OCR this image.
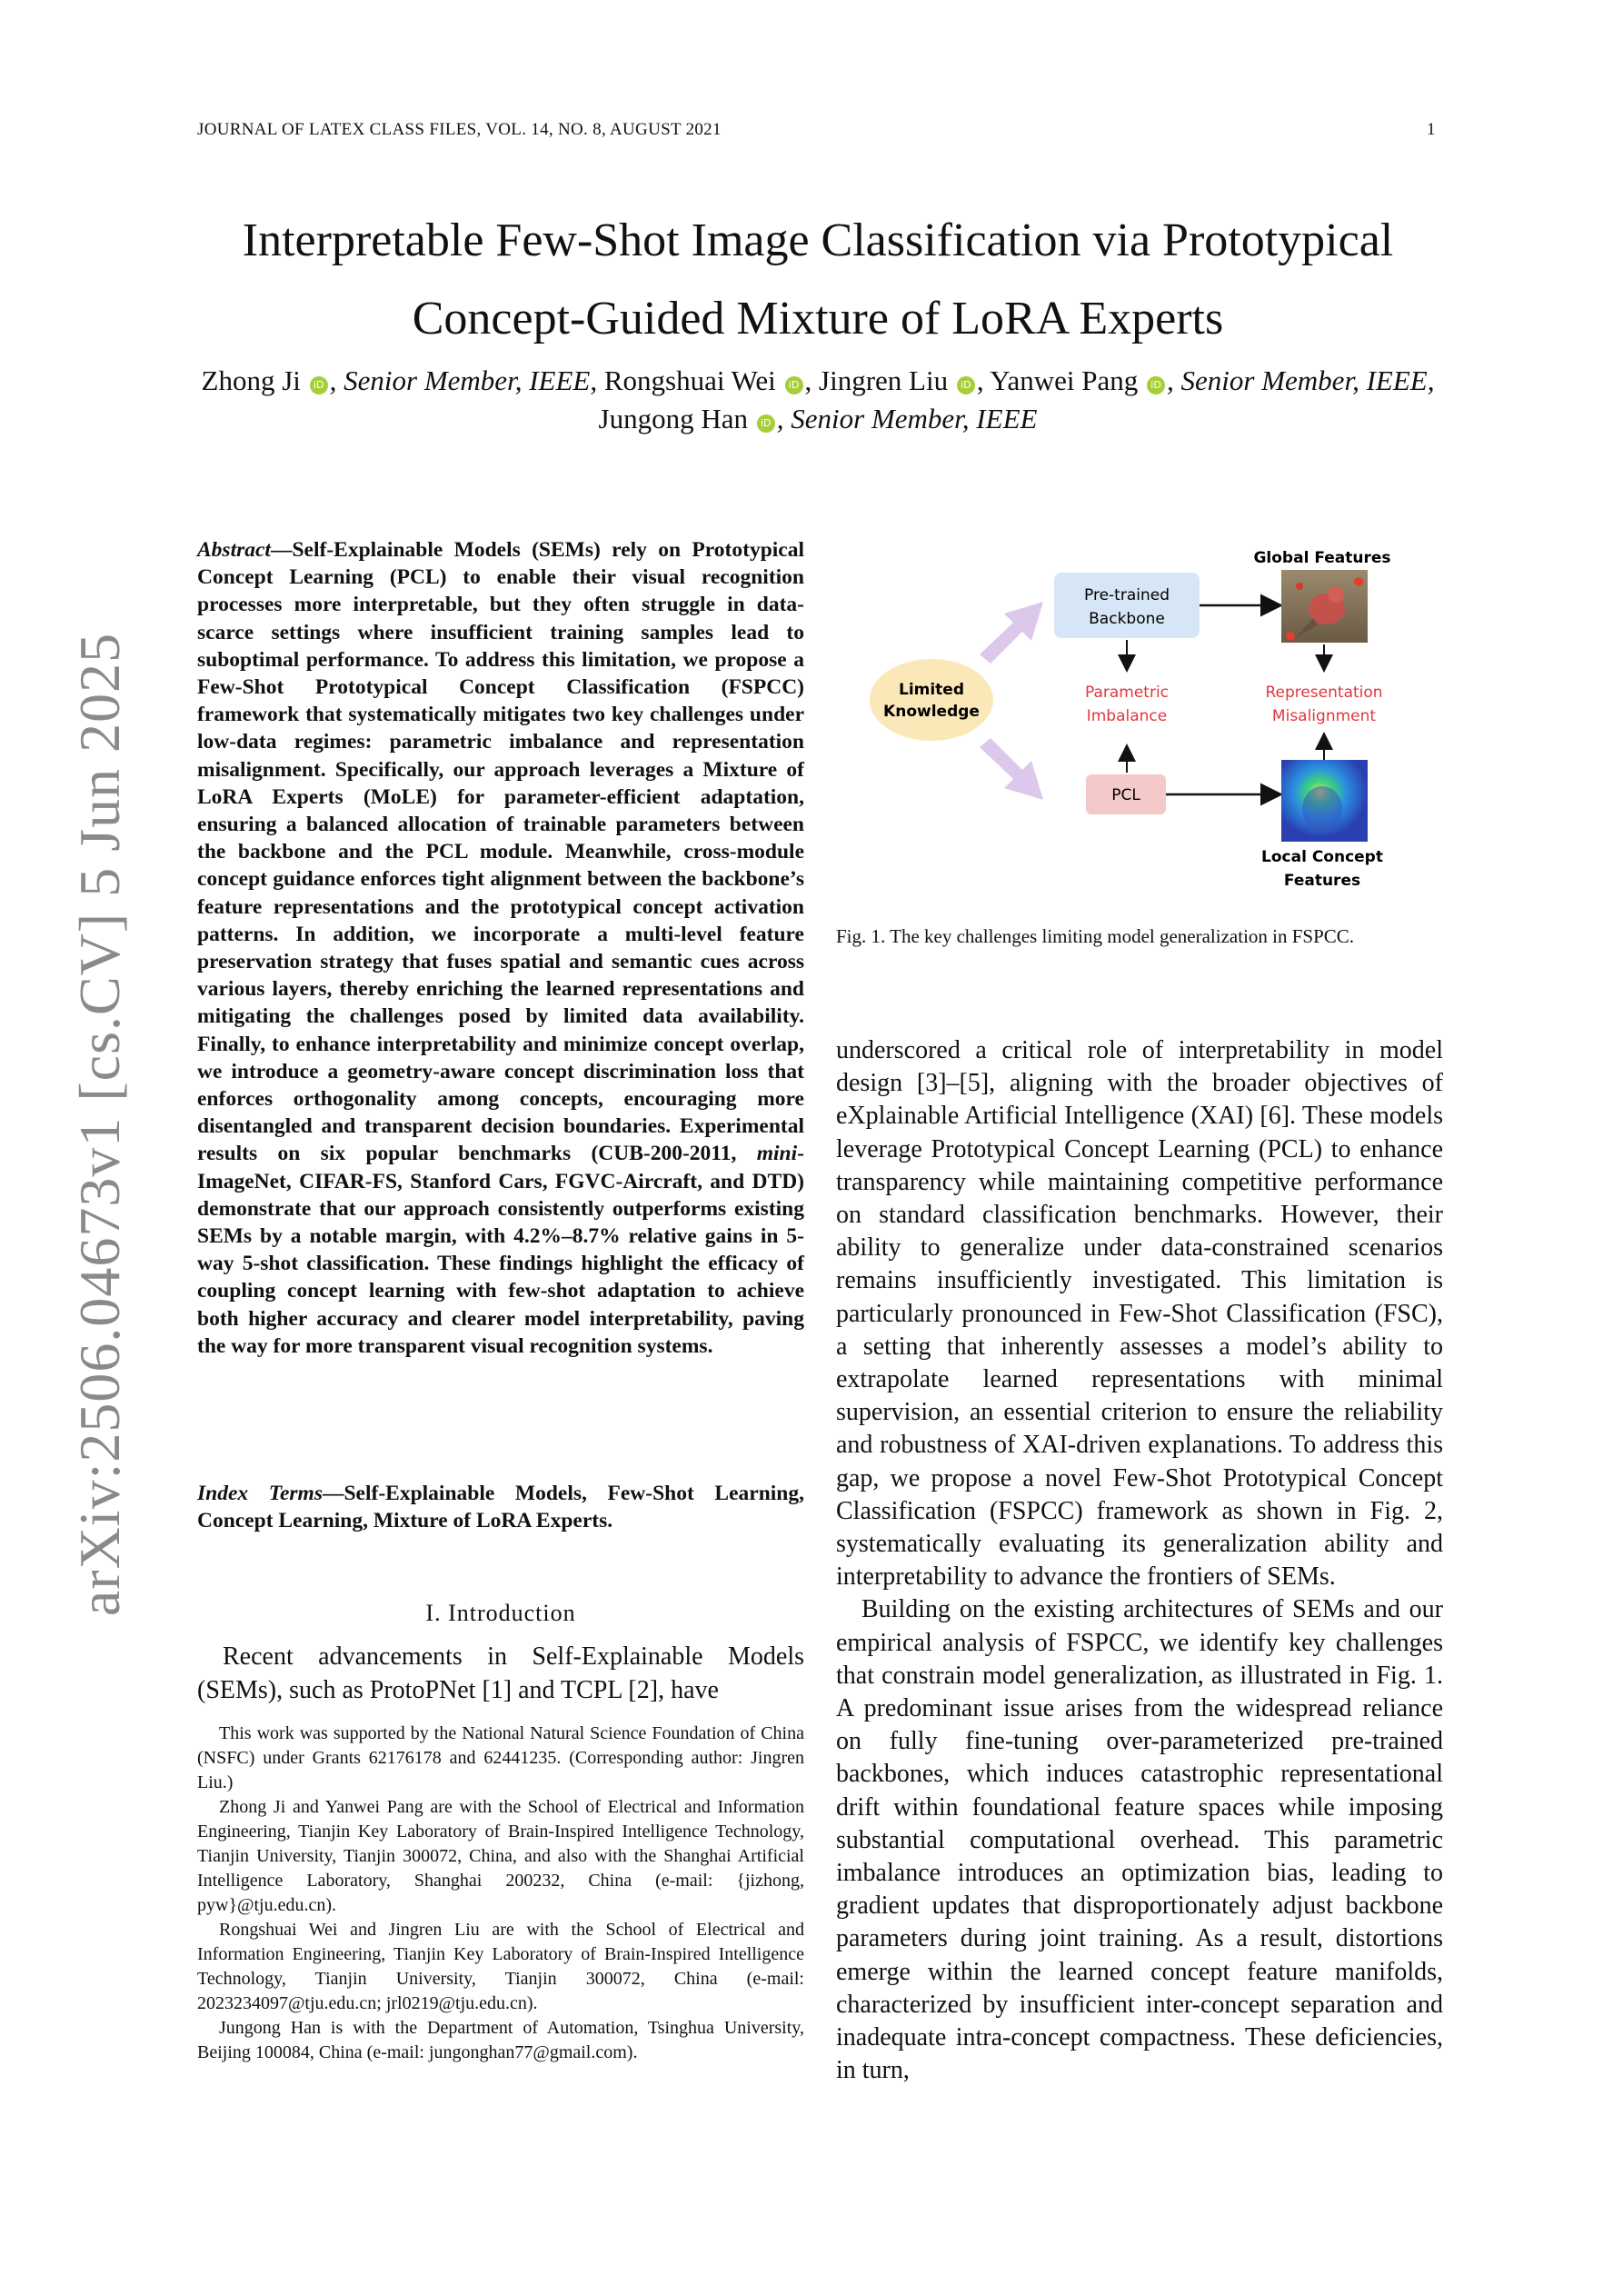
JOURNAL OF LATEX CLASS FILES, VOL. 14, NO. 8, AUGUST 2021	1
Interpretable Few-Shot Image Classification via Prototypical
Concept-Guided Mixture of LoRA Experts
Zhong Ji iD , Senior Member, IEEE, Rongshuai Wei iD , Jingren Liu iD , Yanwei Pang iD , Senior Member, IEEE, Jungong Han iD , Senior Member, IEEE
arXiv:2506.04673v1 [cs.CV] 5 Jun 2025
Abstract—Self-Explainable Models (SEMs) rely on Prototypical Concept Learning (PCL) to enable their visual recognition processes more interpretable, but they often struggle in data-scarce settings where insufficient training samples lead to suboptimal performance. To address this limitation, we propose a Few-Shot Prototypical Concept Classification (FSPCC) framework that systematically mitigates two key challenges under low-data regimes: parametric imbalance and representation misalignment. Specifically, our approach leverages a Mixture of LoRA Experts (MoLE) for parameter-efficient adaptation, ensuring a balanced allocation of trainable parameters between the backbone and the PCL module. Meanwhile, cross-module concept guidance enforces tight alignment between the backbone’s feature representations and the prototypical concept activation patterns. In addition, we incorporate a multi-level feature preservation strategy that fuses spatial and semantic cues across various layers, thereby enriching the learned representations and mitigating the challenges posed by limited data availability. Finally, to enhance interpretability and minimize concept overlap, we introduce a geometry-aware concept discrimination loss that enforces orthogonality among concepts, encouraging more disentangled and transparent decision boundaries. Experimental results on six popular benchmarks (CUB-200-2011, mini-ImageNet, CIFAR-FS, Stanford Cars, FGVC-Aircraft, and DTD) demonstrate that our approach consistently outperforms existing SEMs by a notable margin, with 4.2%–8.7% relative gains in 5-way 5-shot classification. These findings highlight the efficacy of coupling concept learning with few-shot adaptation to achieve both higher accuracy and clearer model interpretability, paving the way for more transparent visual recognition systems.
Index Terms—Self-Explainable Models, Few-Shot Learning, Concept Learning, Mixture of LoRA Experts.
I. Introduction
Recent advancements in Self-Explainable Models (SEMs), such as ProtoPNet [1] and TCPL [2], have

This work was supported by the National Natural Science Foundation of China (NSFC) under Grants 62176178 and 62441235. (Corresponding author: Jingren Liu.)

Zhong Ji and Yanwei Pang are with the School of Electrical and Information Engineering, Tianjin Key Laboratory of Brain-Inspired Intelligence Technology, Tianjin University, Tianjin 300072, China, and also with the Shanghai Artificial Intelligence Laboratory, Shanghai 200232, China (e-mail: {jizhong, pyw}@tju.edu.cn).

Rongshuai Wei and Jingren Liu are with the School of Electrical and Information Engineering, Tianjin Key Laboratory of Brain-Inspired Intelligence Technology, Tianjin University, Tianjin 300072, China (e-mail: 2023234097@tju.edu.cn; jrl0219@tju.edu.cn).

Jungong Han is with the Department of Automation, Tsinghua University, Beijing 100084, China (e-mail: jungonghan77@gmail.com).

Global Features
Pre-trained
Backbone
Limited
Knowledge
Parametric
Imbalance
Representation
Misalignment
PCL
Local Concept
Features
Fig. 1. The key challenges limiting model generalization in FSPCC.

underscored a critical role of interpretability in model design [3]–[5], aligning with the broader objectives of eXplainable Artificial Intelligence (XAI) [6]. These models leverage Prototypical Concept Learning (PCL) to enhance transparency while maintaining competitive performance on standard classification benchmarks. However, their ability to generalize under data-constrained scenarios remains insufficiently investigated. This limitation is particularly pronounced in Few-Shot Classification (FSC), a setting that inherently assesses a model’s ability to extrapolate learned representations with minimal supervision, an essential criterion to ensure the reliability and robustness of XAI-driven explanations. To address this gap, we propose a novel Few-Shot Prototypical Concept Classification (FSPCC) framework as shown in Fig. 2, systematically evaluating its generalization ability and interpretability to advance the frontiers of SEMs.

Building on the existing architectures of SEMs and our empirical analysis of FSPCC, we identify key challenges that constrain model generalization, as illustrated in Fig. 1. A predominant issue arises from the widespread reliance on fully fine-tuning over-parameterized pre-trained backbones, which induces catastrophic representational drift within foundational feature spaces while imposing substantial computational overhead. This parametric imbalance introduces an optimization bias, leading to gradient updates that disproportionately adjust backbone parameters during joint training. As a result, distortions emerge within the learned concept feature manifolds, characterized by insufficient inter-concept separation and inadequate intra-concept compactness. These deficiencies, in turn,
